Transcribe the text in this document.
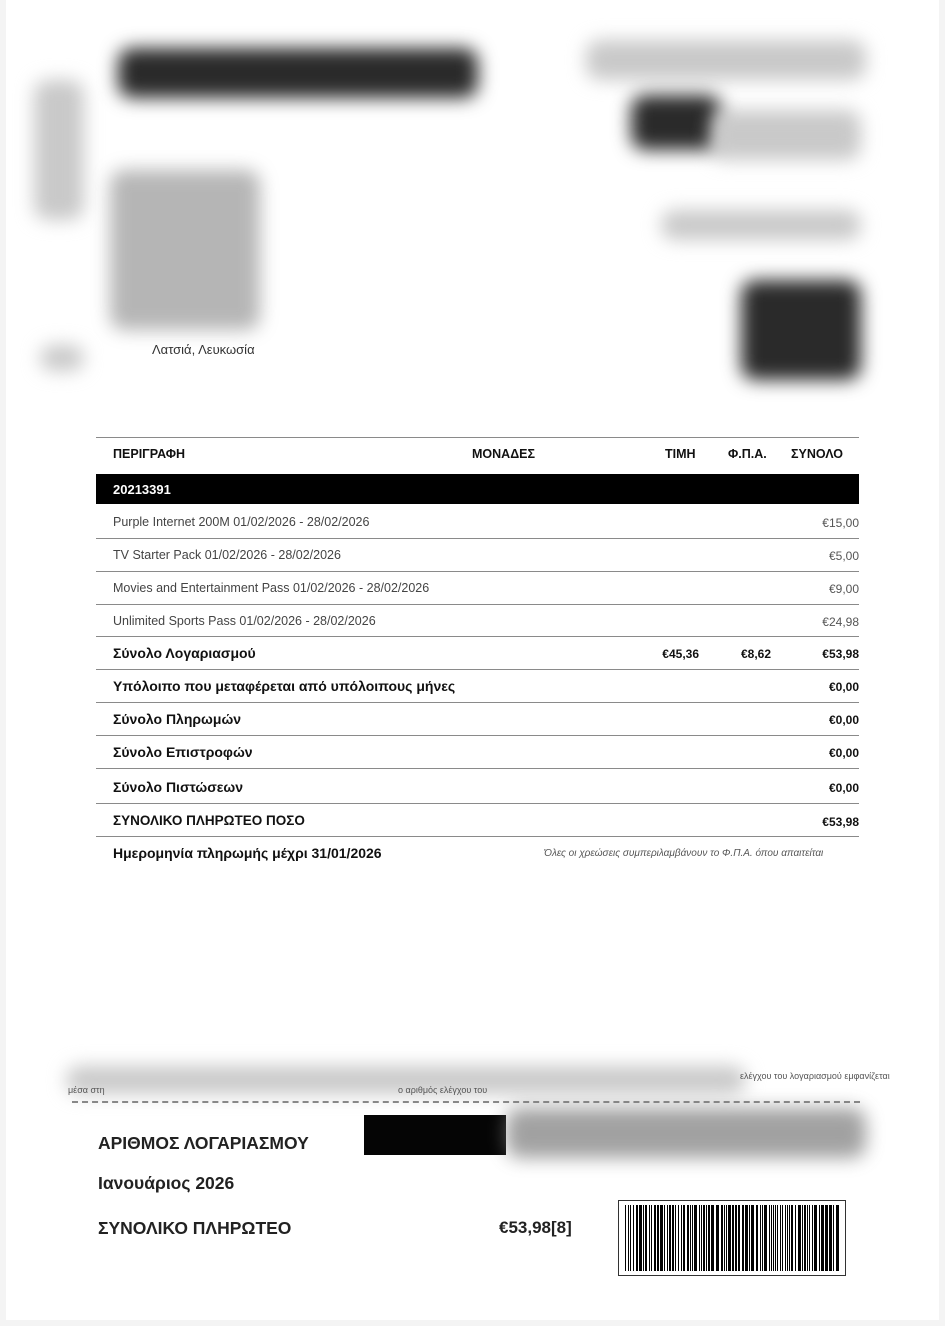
Λατσιά, Λευκωσία
ΠΕΡΙΓΡΑΦΗ	ΜΟΝΑΔΕΣ	ΤΙΜΗ	Φ.Π.Α. ΣΥΝΟΛΟ
20213391
Purple Internet 200M 01/02/2026 - 28/02/2026	€15,00
TV Starter Pack 01/02/2026 - 28/02/2026	€5,00
Movies and Entertainment Pass 01/02/2026 - 28/02/2026	€9,00
Unlimited Sports Pass 01/02/2026 - 28/02/2026	€24,98
Σύνολο Λογαριασμού	€45,36	€8,62	€53,98
Υπόλοιπο που μεταφέρεται από υπόλοιπους μήνες	€0,00
Σύνολο Πληρωμών	€0,00
Σύνολο Επιστροφών	€0,00
Σύνολο Πιστώσεων	€0,00
ΣΥΝΟΛΙΚΟ ΠΛΗΡΩΤΕΟ ΠΟΣΟ	€53,98
Ημερομηνία πληρωμής μέχρι 31/01/2026	Όλες οι χρεώσεις συμπεριλαμβάνουν το Φ.Π.Α. όπου απαιτείται
ελέγχου του λογαριασμού εμφανίζεται
μέσα στη	ο αριθμός ελέγχου του
ΑΡΙΘΜΟΣ ΛΟΓΑΡΙΑΣΜΟΥ
Ιανουάριος 2026
ΣΥΝΟΛΙΚΟ ΠΛΗΡΩΤΕΟ	€53,98[8]
